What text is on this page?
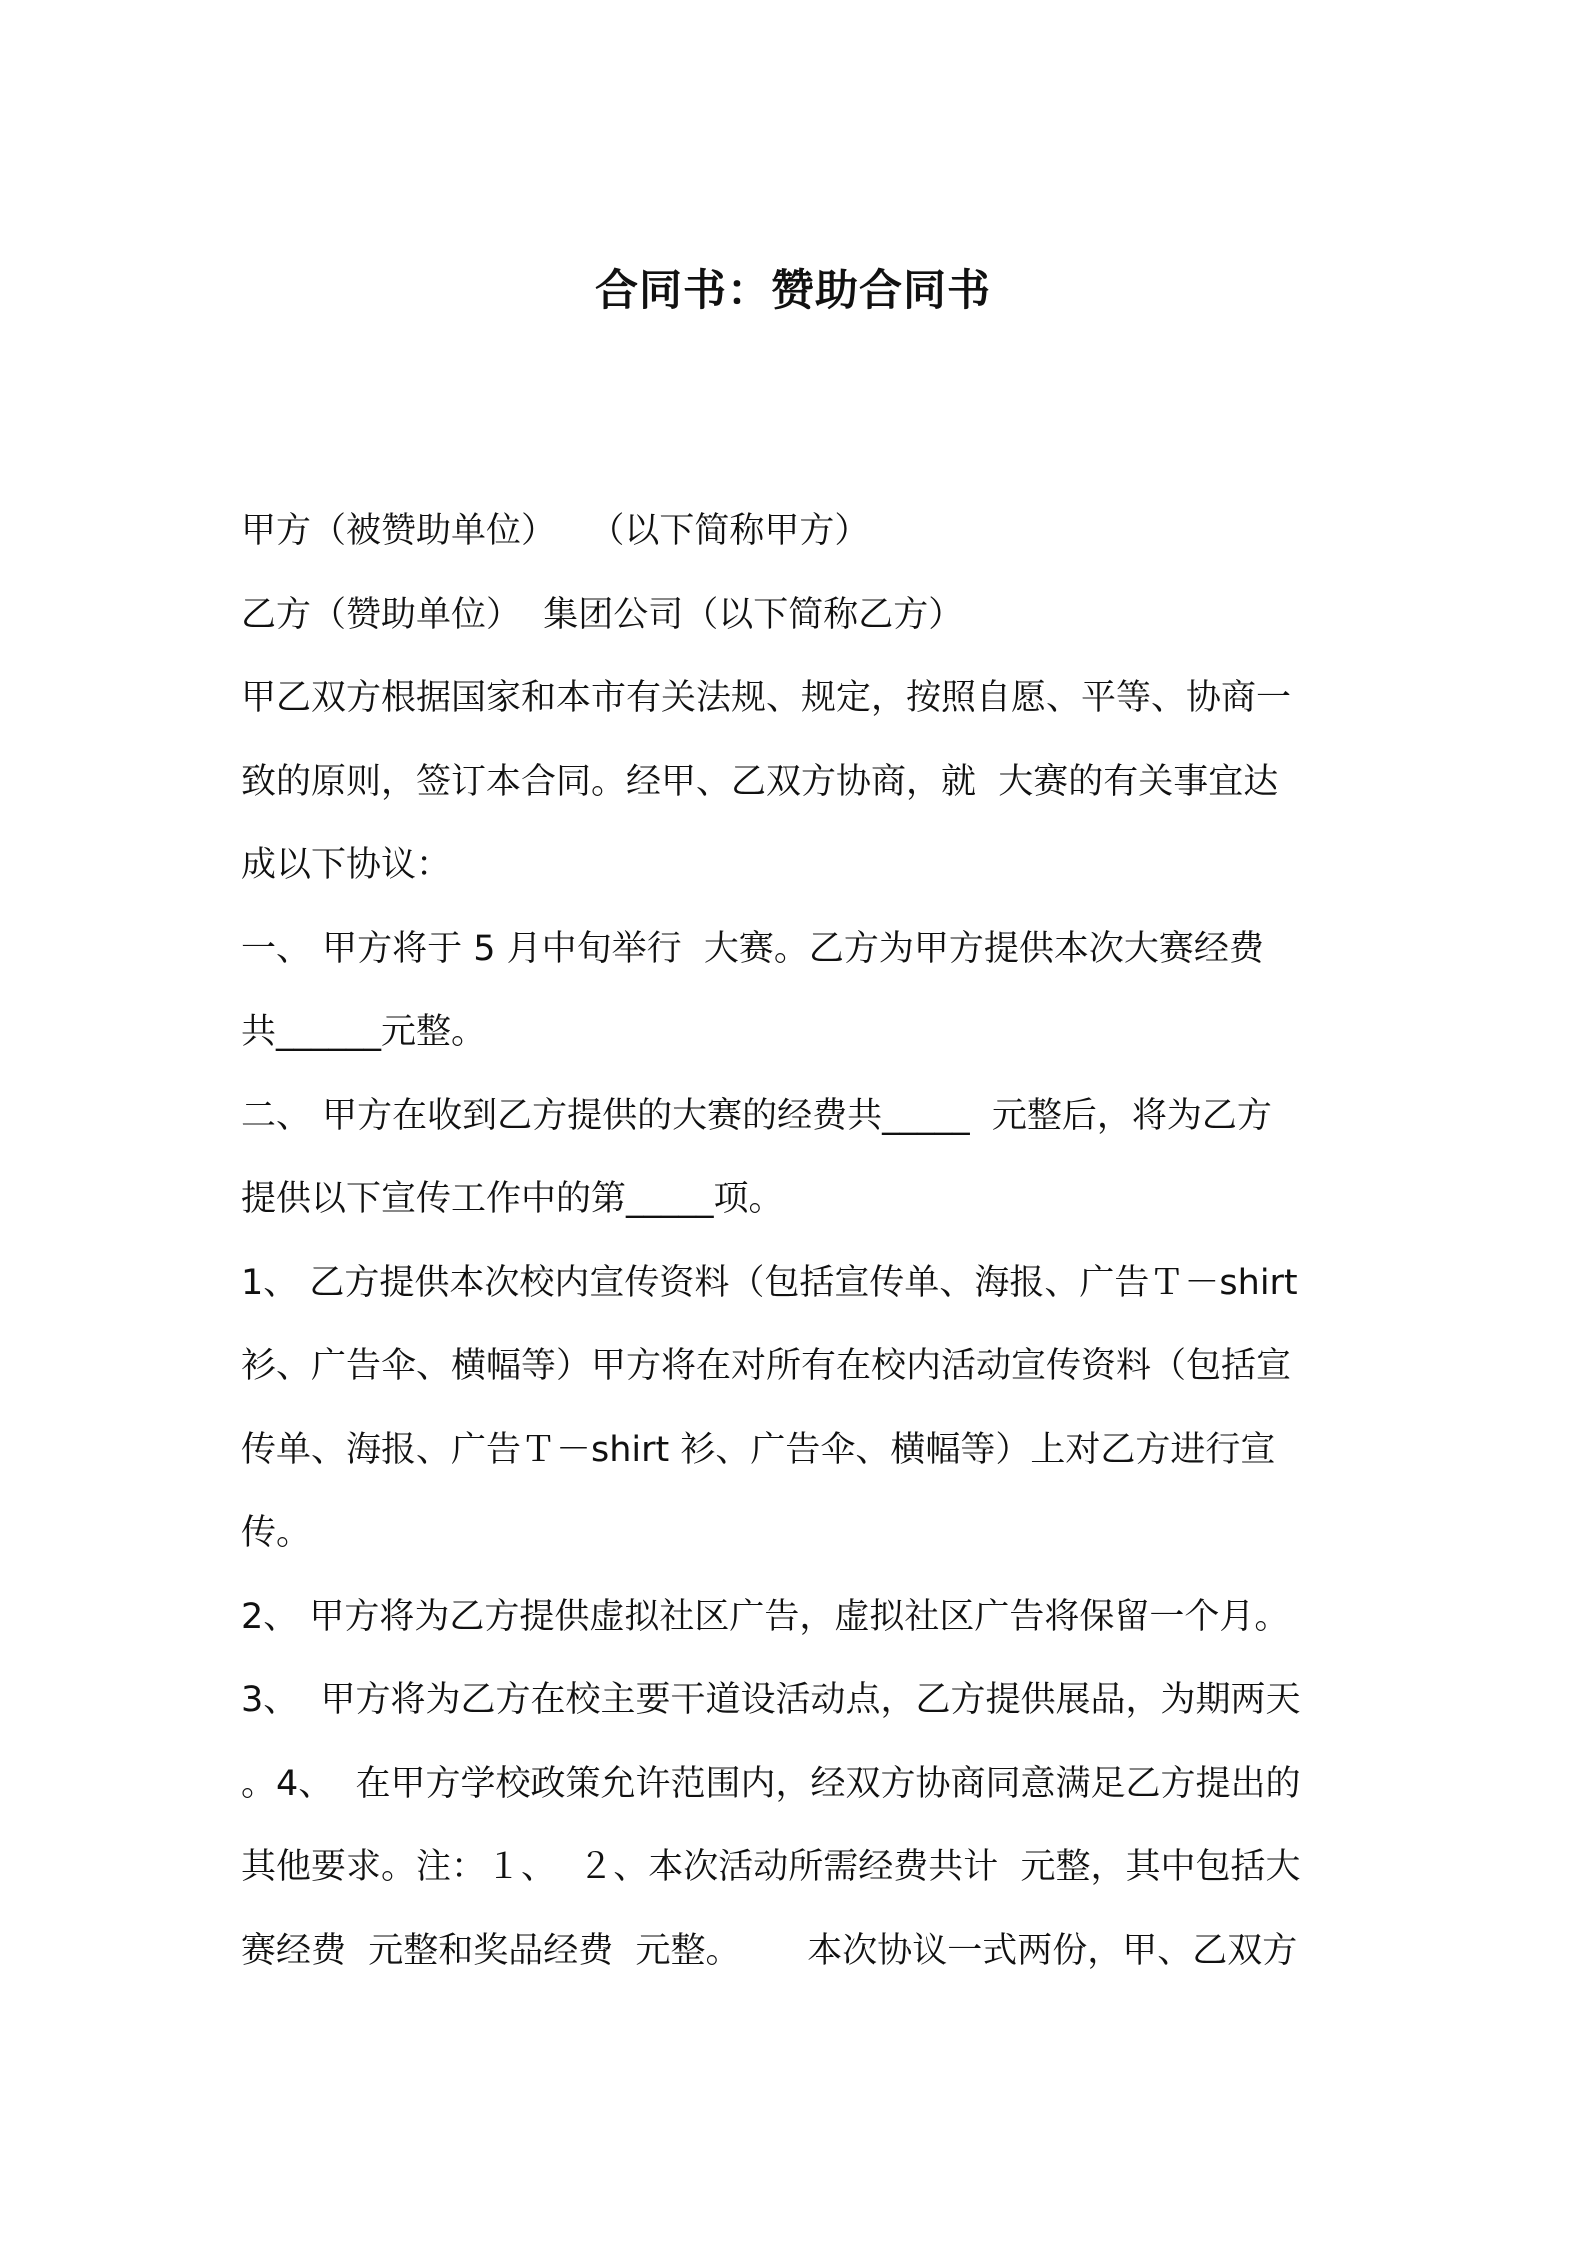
合同书：赞助合同书
甲方（被赞助单位）   （以下简称甲方）
乙方（赞助单位）  集团公司（以下简称乙方）
甲乙双方根据国家和本市有关法规、规定，按照自愿、平等、协商一
致的原则，签订本合同。经甲、乙双方协商，就  大赛的有关事宜达
成以下协议：
一、 甲方将于 5 月中旬举行  大赛。乙方为甲方提供本次大赛经费
共______元整。
二、 甲方在收到乙方提供的大赛的经费共_____  元整后，将为乙方
提供以下宣传工作中的第_____项。
1、 乙方提供本次校内宣传资料（包括宣传单、海报、广告Ｔ－shirt
衫、广告伞、横幅等）甲方将在对所有在校内活动宣传资料（包括宣
传单、海报、广告Ｔ－shirt 衫、广告伞、横幅等）上对乙方进行宣
传。
2、 甲方将为乙方提供虚拟社区广告，虚拟社区广告将保留一个月。
3、  甲方将为乙方在校主要干道设活动点，乙方提供展品，为期两天
。4、  在甲方学校政策允许范围内，经双方协商同意满足乙方提出的
其他要求。注：１、  ２、本次活动所需经费共计  元整，其中包括大
赛经费  元整和奖品经费  元整。      本次协议一式两份，甲、乙双方
